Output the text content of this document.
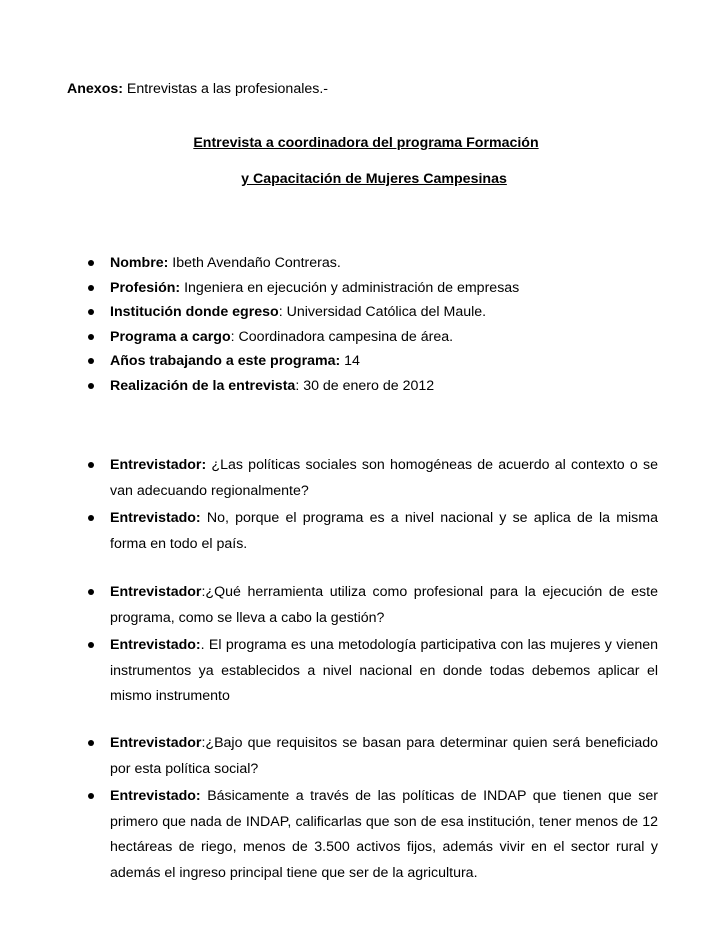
Anexos: Entrevistas a las profesionales.-
Entrevista a coordinadora del programa Formación
y Capacitación de Mujeres Campesinas
Nombre: Ibeth Avendaño Contreras.
Profesión: Ingeniera en ejecución y administración de empresas
Institución donde egreso: Universidad Católica del Maule.
Programa a cargo: Coordinadora campesina de área.
Años trabajando a este programa: 14
Realización de la entrevista: 30 de enero de 2012

Entrevistador: ¿Las políticas sociales son homogéneas de acuerdo al contexto o se van adecuando regionalmente?

Entrevistado: No, porque el programa es a nivel nacional y se aplica de la misma forma en todo el país.

Entrevistador:¿Qué herramienta utiliza como profesional para la ejecución de este programa, como se lleva a cabo la gestión?

Entrevistado:. El programa es una metodología participativa con las mujeres y vienen instrumentos ya establecidos a nivel nacional en donde todas debemos aplicar el mismo instrumento

Entrevistador:¿Bajo que requisitos se basan para determinar quien será beneficiado por esta política social?

Entrevistado: Básicamente a través de las políticas de INDAP que tienen que ser primero que nada de INDAP, calificarlas que son de esa institución, tener menos de 12 hectáreas de riego, menos de 3.500 activos fijos, además vivir en el sector rural y además el ingreso principal tiene que ser de la agricultura.
